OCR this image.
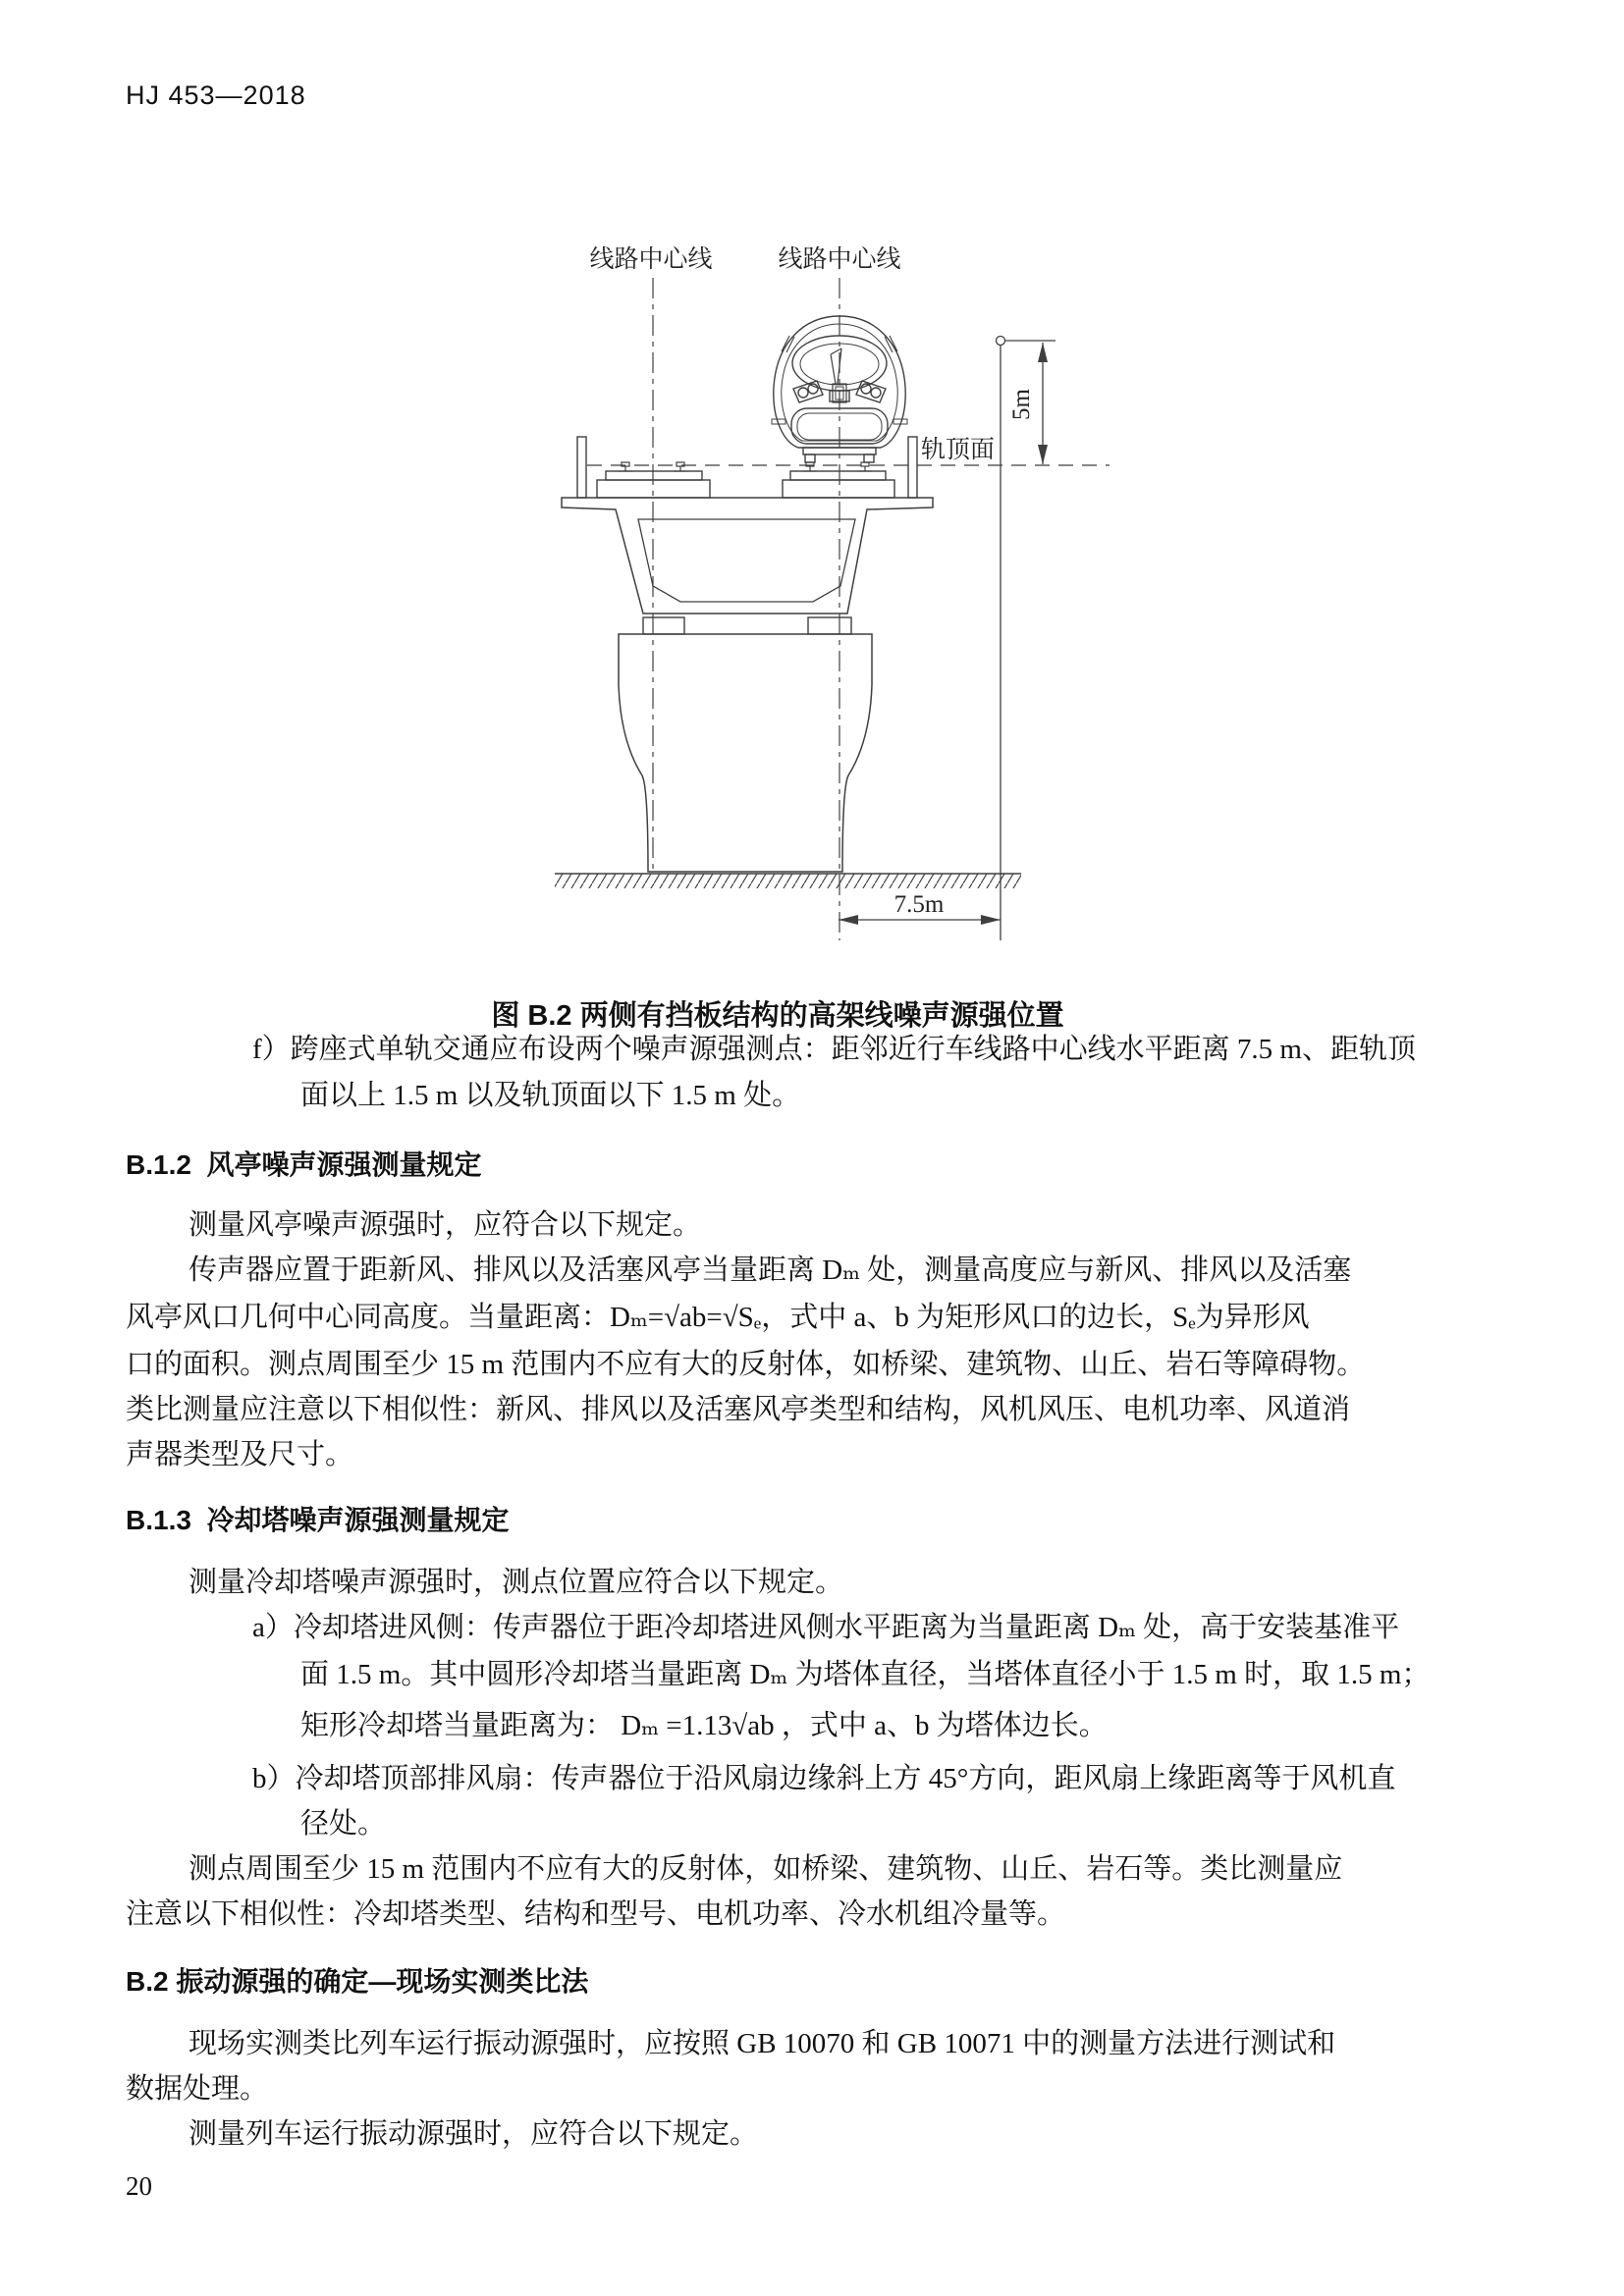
HJ 453—2018
线路中心线	线路中心线
轨顶面
5m
7.5m
图 B.2 两侧有挡板结构的高架线噪声源强位置
f）跨座式单轨交通应布设两个噪声源强测点：距邻近行车线路中心线水平距离 7.5 m、距轨顶
面以上 1.5 m 以及轨顶面以下 1.5 m 处。
B.1.2  风亭噪声源强测量规定
测量风亭噪声源强时，应符合以下规定。
传声器应置于距新风、排风以及活塞风亭当量距离 Dₘ 处，测量高度应与新风、排风以及活塞
风亭风口几何中心同高度。当量距离：Dₘ=√ab=√Sₑ，式中 a、b 为矩形风口的边长，Sₑ为异形风
口的面积。测点周围至少 15 m 范围内不应有大的反射体，如桥梁、建筑物、山丘、岩石等障碍物。
类比测量应注意以下相似性：新风、排风以及活塞风亭类型和结构，风机风压、电机功率、风道消
声器类型及尺寸。
B.1.3  冷却塔噪声源强测量规定
测量冷却塔噪声源强时，测点位置应符合以下规定。
a）冷却塔进风侧：传声器位于距冷却塔进风侧水平距离为当量距离 Dₘ 处，高于安装基准平
面 1.5 m。其中圆形冷却塔当量距离 Dₘ 为塔体直径，当塔体直径小于 1.5 m 时，取 1.5 m；
矩形冷却塔当量距离为： Dₘ =1.13√ab ，式中 a、b 为塔体边长。
b）冷却塔顶部排风扇：传声器位于沿风扇边缘斜上方 45°方向，距风扇上缘距离等于风机直
径处。
测点周围至少 15 m 范围内不应有大的反射体，如桥梁、建筑物、山丘、岩石等。类比测量应
注意以下相似性：冷却塔类型、结构和型号、电机功率、冷水机组冷量等。
B.2 振动源强的确定—现场实测类比法
现场实测类比列车运行振动源强时，应按照 GB 10070 和 GB 10071 中的测量方法进行测试和
数据处理。
测量列车运行振动源强时，应符合以下规定。
20
